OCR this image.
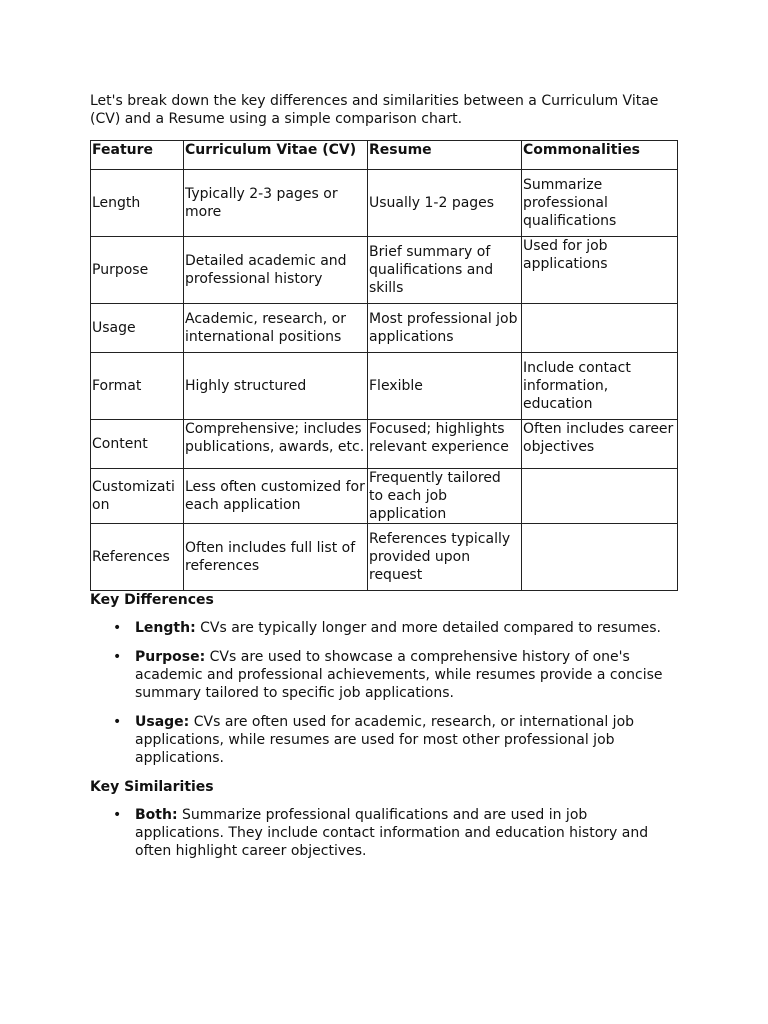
Let's break down the key differences and similarities between a Curriculum Vitae (CV) and a Resume using a simple comparison chart.

Feature	Curriculum Vitae (CV)	Resume	Commonalities
Length	Typically 2-3 pages or more	Usually 1-2 pages	Summarize professional qualifications
Purpose	Detailed academic and professional history	Brief summary of qualifications and skills	Used for job applications
Usage	Academic, research, or international positions	Most professional job applications	
Format	Highly structured	Flexible	Include contact information, education
Content	Comprehensive; includes publications, awards, etc.	Focused; highlights relevant experience	Often includes career objectives
Customization	Less often customized for each application	Frequently tailored to each job application	
References	Often includes full list of references	References typically provided upon request	
Key Differences
• Length: CVs are typically longer and more detailed compared to resumes.
• Purpose: CVs are used to showcase a comprehensive history of one's academic and professional achievements, while resumes provide a concise summary tailored to specific job applications.
• Usage: CVs are often used for academic, research, or international job applications, while resumes are used for most other professional job applications.
Key Similarities
• Both: Summarize professional qualifications and are used in job applications. They include contact information and education history and often highlight career objectives.
